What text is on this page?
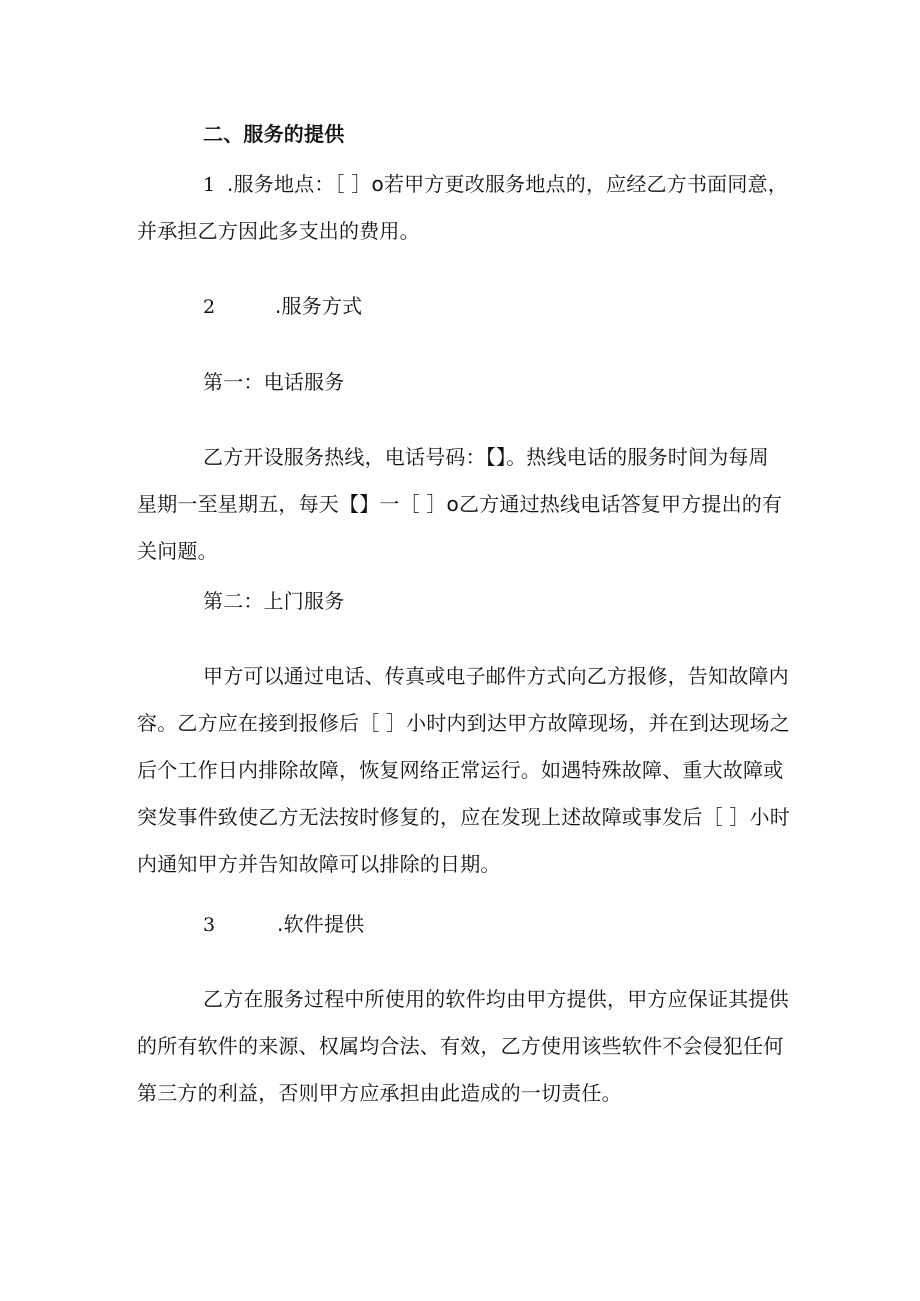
二、服务的提供
1 .服务地点：［ ］o若甲方更改服务地点的，应经乙方书面同意，
并承担乙方因此多支出的费用。
2	.服务方式
第一：电话服务
乙方开设服务热线，电话号码：【】。热线电话的服务时间为每周
星期一至星期五，每天【】一［ ］o乙方通过热线电话答复甲方提出的有
关问题。
第二：上门服务
甲方可以通过电话、传真或电子邮件方式向乙方报修，告知故障内
容。乙方应在接到报修后［ ］小时内到达甲方故障现场，并在到达现场之
后个工作日内排除故障，恢复网络正常运行。如遇特殊故障、重大故障或
突发事件致使乙方无法按时修复的，应在发现上述故障或事发后［ ］小时
内通知甲方并告知故障可以排除的日期。
3	.软件提供
乙方在服务过程中所使用的软件均由甲方提供，甲方应保证其提供
的所有软件的来源、权属均合法、有效，乙方使用该些软件不会侵犯任何
第三方的利益，否则甲方应承担由此造成的一切责任。
